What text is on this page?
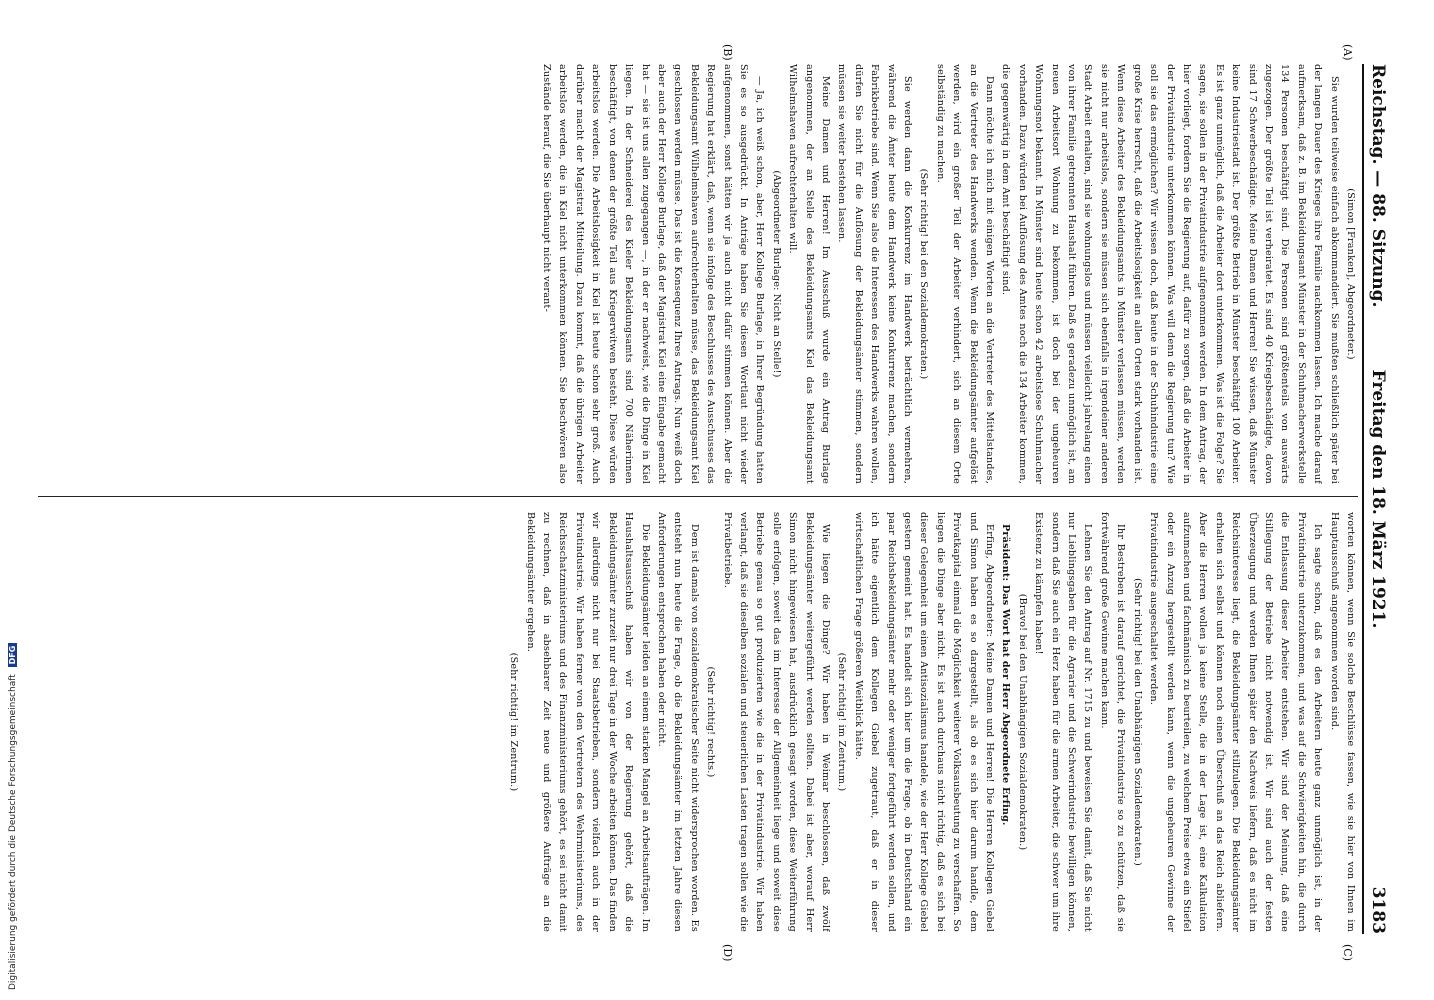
Reichstag. — 88. Sitzung.
Freitag den 18. März 1921.
3183
(A)
(B)
(C)
(D)

(Simon [Franken], Abgeordneter.)

Sie wurden teilweise einfach abkommandiert. Sie mußten schließlich später bei der langen Dauer des Krieges ihre Familie nachkommen lassen. Ich mache darauf aufmerksam, daß z. B. im Bekleidungsamt Münster in der Schuhmacherwerkstelle 134 Personen beschäftigt sind. Die Personen sind größtenteils von auswärts zugezogen. Der größte Teil ist verheiratet. Es sind 40 Kriegsbeschädigte, davon sind 17 Schwerbeschädigte. Meine Damen und Herren! Sie wissen, daß Münster keine Industriestadt ist. Der größte Betrieb in Münster beschäftigt 100 Arbeiter. Es ist ganz unmöglich, daß die Arbeiter dort unterkommen. Was ist die Folge? Sie sagen, sie sollen in der Privatindustrie aufgenommen werden. In dem Antrag, der hier vorliegt, fordern Sie die Regierung auf, dafür zu sorgen, daß die Arbeiter in der Privatindustrie unterkommen können. Was will denn die Regierung tun? Wie soll sie das ermöglichen? Wir wissen doch, daß heute in der Schuhindustrie eine große Krise herrscht, daß die Arbeitslosigkeit an allen Orten stark vorhanden ist. Wenn diese Arbeiter des Bekleidungsamts in Münster verlassen müssen, werden sie nicht nur arbeitslos, sondern sie müssen sich ebenfalls in irgendeiner anderen Stadt Arbeit erhalten, sind sie wohnungslos und müssen vielleicht jahrelang einen von ihrer Familie getrennten Haushalt führen. Daß es geradezu unmöglich ist, am neuen Arbeitsort Wohnung zu bekommen, ist doch bei der ungeheuren Wohnungsnot bekannt. In Münster sind heute schon 42 arbeitslose Schuhmacher vorhanden. Dazu würden bei Auflösung des Amtes noch die 134 Arbeiter kommen, die gegenwärtig in dem Amt beschäftigt sind.

Dann möchte ich mich mit einigen Worten an die Vertreter des Mittelstandes, an die Vertreter des Handwerks wenden. Wenn die Bekleidungsämter aufgelöst werden, wird ein großer Teil der Arbeiter verhindert, sich an diesem Orte selbständig zu machen.

(Sehr richtig! bei den Sozialdemokraten.)

Sie werden dann die Konkurrenz im Handwerk beträchtlich vermehren, während die Ämter heute dem Handwerk keine Konkurrenz machen, sondern Fabrikbetriebe sind. Wenn Sie also die Interessen des Handwerks wahren wollen, dürfen Sie nicht für die Auflösung der Bekleidungsämter stimmen, sondern müssen sie weiter bestehen lassen.

Meine Damen und Herren! Im Ausschuß wurde ein Antrag Burlage angenommen, der an Stelle des Bekleidungsamts Kiel das Bekleidungsamt Wilhelmshaven aufrechterhalten will.

(Abgeordneter Burlage: Nicht an Stelle!)

— Ja, ich weiß schon, aber, Herr Kollege Burlage, in Ihrer Begründung hatten Sie es so ausgedrückt. In Anträge haben Sie diesen Wortlaut nicht wieder aufgenommen, sonst hätten wir ja auch nicht dafür stimmen können. Aber die Regierung hat erklärt, daß, wenn sie infolge des Beschlusses des Ausschusses das Bekleidungsamt Wilhelmshaven aufrechterhalten müsse, das Bekleidungsamt Kiel geschlossen werden müsse. Das ist die Konsequenz Ihres Antrags. Nun weiß doch aber auch der Herr Kollege Burlage, daß der Magistrat Kiel eine Eingabe gemacht hat — sie ist uns allen zugegangen —, in der er nachweist, wie die Dinge in Kiel liegen. In der Schneiderei des Kieler Bekleidungsamts sind 700 Näherinnen beschäftigt, von denen der größte Teil aus Kriegerwitwen besteht. Diese würden arbeitslos werden. Die Arbeitslosigkeit in Kiel ist heute schon sehr groß. Auch darüber macht der Magistrat Mitteilung. Dazu kommt, daß die übrigen Arbeiter arbeitslos werden, die in Kiel nicht unterkommen können. Sie beschwören also Zustände herauf, die Sie überhaupt nicht verant-

worten können, wenn Sie solche Beschlüsse fassen, wie sie hier von Ihnen im Hauptausschuß angenommen worden sind.

Ich sagte schon, daß es den Arbeitern heute ganz unmöglich ist, in der Privatindustrie unterzukommen, und was auf die Schwierigkeiten hin, die durch die Entlassung dieser Arbeiter entstehen. Wir sind der Meinung, daß eine Stillegung der Betriebe nicht notwendig ist. Wir sind auch der festen Überzeugung und werden Ihnen später den Nachweis liefern, daß es nicht im Reichsinteresse liegt, die Bekleidungsämter stillzulegen. Die Bekleidungsämter erhalten sich selbst und können noch einen Überschuß an das Reich abliefern. Aber die Herren wollen ja keine Stelle, die in der Lage ist, eine Kalkulation aufzumachen und fachmännisch zu beurteilen, zu welchem Preise etwa ein Stiefel oder ein Anzug hergestellt werden kann, wenn die ungeheuren Gewinne der Privatindustrie ausgeschaltet werden.

(Sehr richtig! bei den Unabhängigen Sozialdemokraten.)

Ihr Bestreben ist darauf gerichtet, die Privatindustrie so zu schützen, daß sie fortwährend große Gewinne machen kann.

Lehnen Sie den Antrag auf Nr. 1715 zu und beweisen Sie damit, daß Sie nicht nur Lieblingsgaben für die Agrarier und die Schwerindustrie bewilligen können, sondern daß Sie auch ein Herz haben für die armen Arbeiter, die schwer um ihre Existenz zu kämpfen haben!

(Bravo! bei den Unabhängigen Sozialdemokraten.)

Präsident: Das Wort hat der Herr Abgeordnete Erfing.

Erfing, Abgeordneter: Meine Damen und Herren! Die Herren Kollegen Giebel und Simon haben es so dargestellt, als ob es sich hier darum handle, dem Privatkapital einmal die Möglichkeit weiterer Volksausbeutung zu verschaffen. So liegen die Dinge aber nicht. Es ist auch durchaus nicht richtig, daß es sich bei dieser Gelegenheit um einen Antisozialismus handele, wie der Herr Kollege Giebel gestern gemeint hat. Es handelt sich hier um die Frage, ob in Deutschland ein paar Reichsbekleidungsämter mehr oder weniger fortgeführt werden sollen, und ich hätte eigentlich dem Kollegen Giebel zugetraut, daß er in dieser wirtschaftlichen Frage größeren Weitblick hätte.

(Sehr richtig! im Zentrum.)

Wie liegen die Dinge? Wir haben in Weimar beschlossen, daß zwölf Bekleidungsämter weitergeführt werden sollten. Dabei ist aber, worauf Herr Simon nicht hingewiesen hat, ausdrücklich gesagt worden, diese Weiterführung solle erfolgen, soweit das im Interesse der Allgemeinheit liege und soweit diese Betriebe genau so gut produzierten wie die in der Privatindustrie. Wir haben verlangt, daß sie dieselben sozialen und steuerlichen Lasten tragen sollen wie die Privatbetriebe.

(Sehr richtig! rechts.)

Dem ist damals von sozialdemokratischer Seite nicht widersprochen worden. Es entsteht nun heute die Frage, ob die Bekleidungsämter im letzten Jahre diesen Anforderungen entsprochen haben oder nicht.

Die Bekleidungsämter leiden an einem starken Mangel an Arbeitsaufträgen. Im Haushaltsausschuß haben wir von der Regierung gehört, daß die Bekleidungsämter zurzeit nur drei Tage in der Woche arbeiten können. Das finden wir allerdings nicht nur bei Staatsbetrieben, sondern vielfach auch in der Privatindustrie. Wir haben ferner von den Vertretern des Wehrministeriums, des Reichsschatzministeriums und des Finanzministeriums gehört, es sei nicht damit zu rechnen, daß in absehbarer Zeit neue und größere Aufträge an die Bekleidungsämter ergehen.

(Sehr richtig! im Zentrum.)

Digitalisierung gefördert durch die Deutsche Forschungsgemeinschaft DFG
